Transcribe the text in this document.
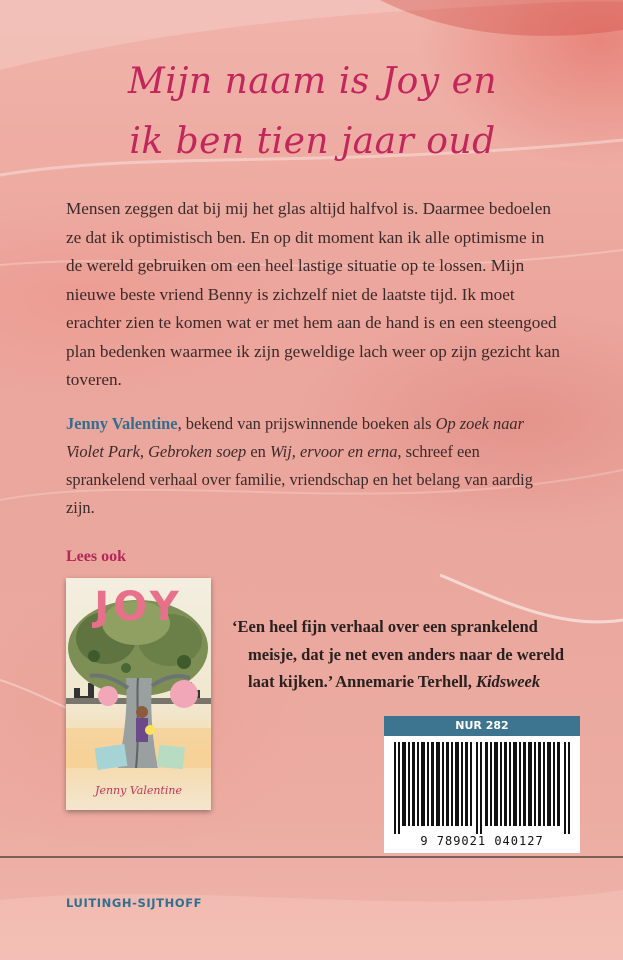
Mijn naam is Joy en
ik ben tien jaar oud

Mensen zeggen dat bij mij het glas altijd halfvol is. Daarmee bedoelen ze dat ik optimistisch ben. En op dit moment kan ik alle optimisme in de wereld gebruiken om een heel lastige situatie op te lossen. Mijn nieuwe beste vriend Benny is zichzelf niet de laatste tijd. Ik moet erachter zien te komen wat er met hem aan de hand is en een steengoed plan bedenken waarmee ik zijn geweldige lach weer op zijn gezicht kan toveren.

Jenny Valentine, bekend van prijswinnende boeken als Op zoek naar Violet Park, Gebroken soep en Wij, ervoor en erna, schreef een sprankelend verhaal over familie, vriendschap en het belang van aardig zijn.

Lees ook
JOY
Jenny Valentine

‘Een heel fijn verhaal over een sprankelend meisje, dat je net even anders naar de wereld laat kijken.’ Annemarie Terhell, Kidsweek

NUR 282
9 789021 040127
LUITINGH-SIJTHOFF
